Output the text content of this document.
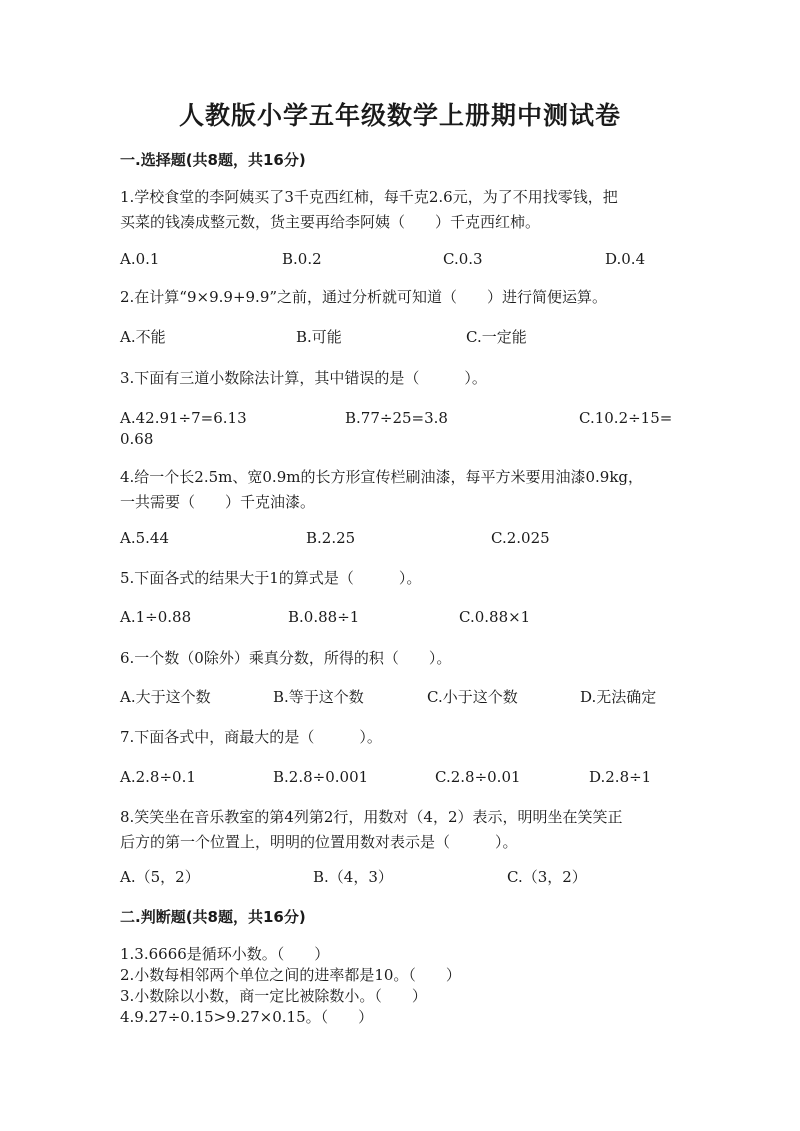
人教版小学五年级数学上册期中测试卷
一.选择题(共8题，共16分)
1.学校食堂的李阿姨买了3千克西红柿，每千克2.6元，为了不用找零钱，把
买菜的钱凑成整元数，货主要再给李阿姨（　　）千克西红柿。
A.0.1	B.0.2	C.0.3	D.0.4
2.在计算“9×9.9+9.9”之前，通过分析就可知道（　　）进行简便运算。
A.不能	B.可能	C.一定能
3.下面有三道小数除法计算，其中错误的是（　　　）。
A.42.91÷7=6.13	B.77÷25=3.8	C.10.2÷15=
0.68
4.给一个长2.5m、宽0.9m的长方形宣传栏刷油漆，每平方米要用油漆0.9kg，
一共需要（　　）千克油漆。
A.5.44	B.2.25	C.2.025
5.下面各式的结果大于1的算式是（　　　）。
A.1÷0.88	B.0.88÷1	C.0.88×1
6.一个数（0除外）乘真分数，所得的积（　　）。
A.大于这个数	B.等于这个数	C.小于这个数	D.无法确定
7.下面各式中，商最大的是（　　　）。
A.2.8÷0.1	B.2.8÷0.001	C.2.8÷0.01	D.2.8÷1
8.笑笑坐在音乐教室的第4列第2行，用数对（4，2）表示，明明坐在笑笑正
后方的第一个位置上，明明的位置用数对表示是（　　　）。
A.（5，2）	B.（4，3）	C.（3，2）
二.判断题(共8题，共16分)
1.3.6666是循环小数。（　　）
2.小数每相邻两个单位之间的进率都是10。（　　）
3.小数除以小数，商一定比被除数小。（　　）
4.9.27÷0.15>9.27×0.15。（　　）
